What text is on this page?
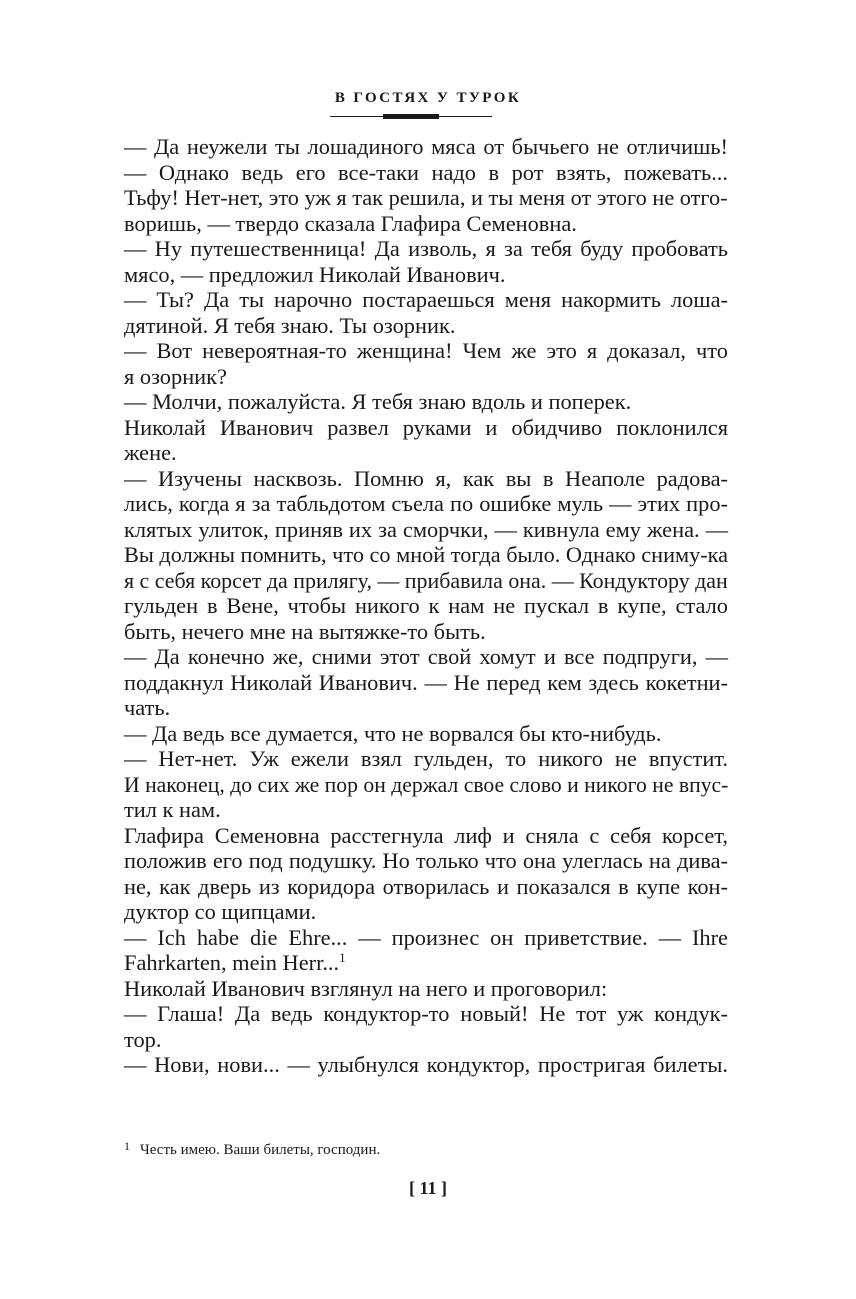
В ГОСТЯХ У ТУРОК
— Да неужели ты лошадиного мяса от бычьего не отличишь!
— Однако ведь его все-таки надо в рот взять, пожевать...
Тьфу! Нет-нет, это уж я так решила, и ты меня от этого не отго-
воришь, — твердо сказала Глафира Семеновна.
— Ну путешественница! Да изволь, я за тебя буду пробовать
мясо, — предложил Николай Иванович.
— Ты? Да ты нарочно постараешься меня накормить лоша-
дятиной. Я тебя знаю. Ты озорник.
— Вот невероятная-то женщина! Чем же это я доказал, что
я озорник?
— Молчи, пожалуйста. Я тебя знаю вдоль и поперек.
Николай Иванович развел руками и обидчиво поклонился
жене.
— Изучены насквозь. Помню я, как вы в Неаполе радова-
лись, когда я за табльдотом съела по ошибке муль — этих про-
клятых улиток, приняв их за сморчки, — кивнула ему жена. —
Вы должны помнить, что со мной тогда было. Однако сниму-ка
я с себя корсет да прилягу, — прибавила она. — Кондуктору дан
гульден в Вене, чтобы никого к нам не пускал в купе, стало
быть, нечего мне на вытяжке-то быть.
— Да конечно же, сними этот свой хомут и все подпруги, —
поддакнул Николай Иванович. — Не перед кем здесь кокетни-
чать.
— Да ведь все думается, что не ворвался бы кто-нибудь.
— Нет-нет. Уж ежели взял гульден, то никого не впустит.
И наконец, до сих же пор он держал свое слово и никого не впус-
тил к нам.
Глафира Семеновна расстегнула лиф и сняла с себя корсет,
положив его под подушку. Но только что она улеглась на дива-
не, как дверь из коридора отворилась и показался в купе кон-
дуктор со щипцами.
— Ich habe die Ehre... — произнес он приветствие. — Ihre
Fahrkarten, mein Herr...$^1$
Николай Иванович взглянул на него и проговорил:
— Глаша! Да ведь кондуктор-то новый! Не тот уж кондук-
тор.
— Нови, нови... — улыбнулся кондуктор, простригая билеты.
1 Честь имею. Ваши билеты, господин.
[ 11 ]
